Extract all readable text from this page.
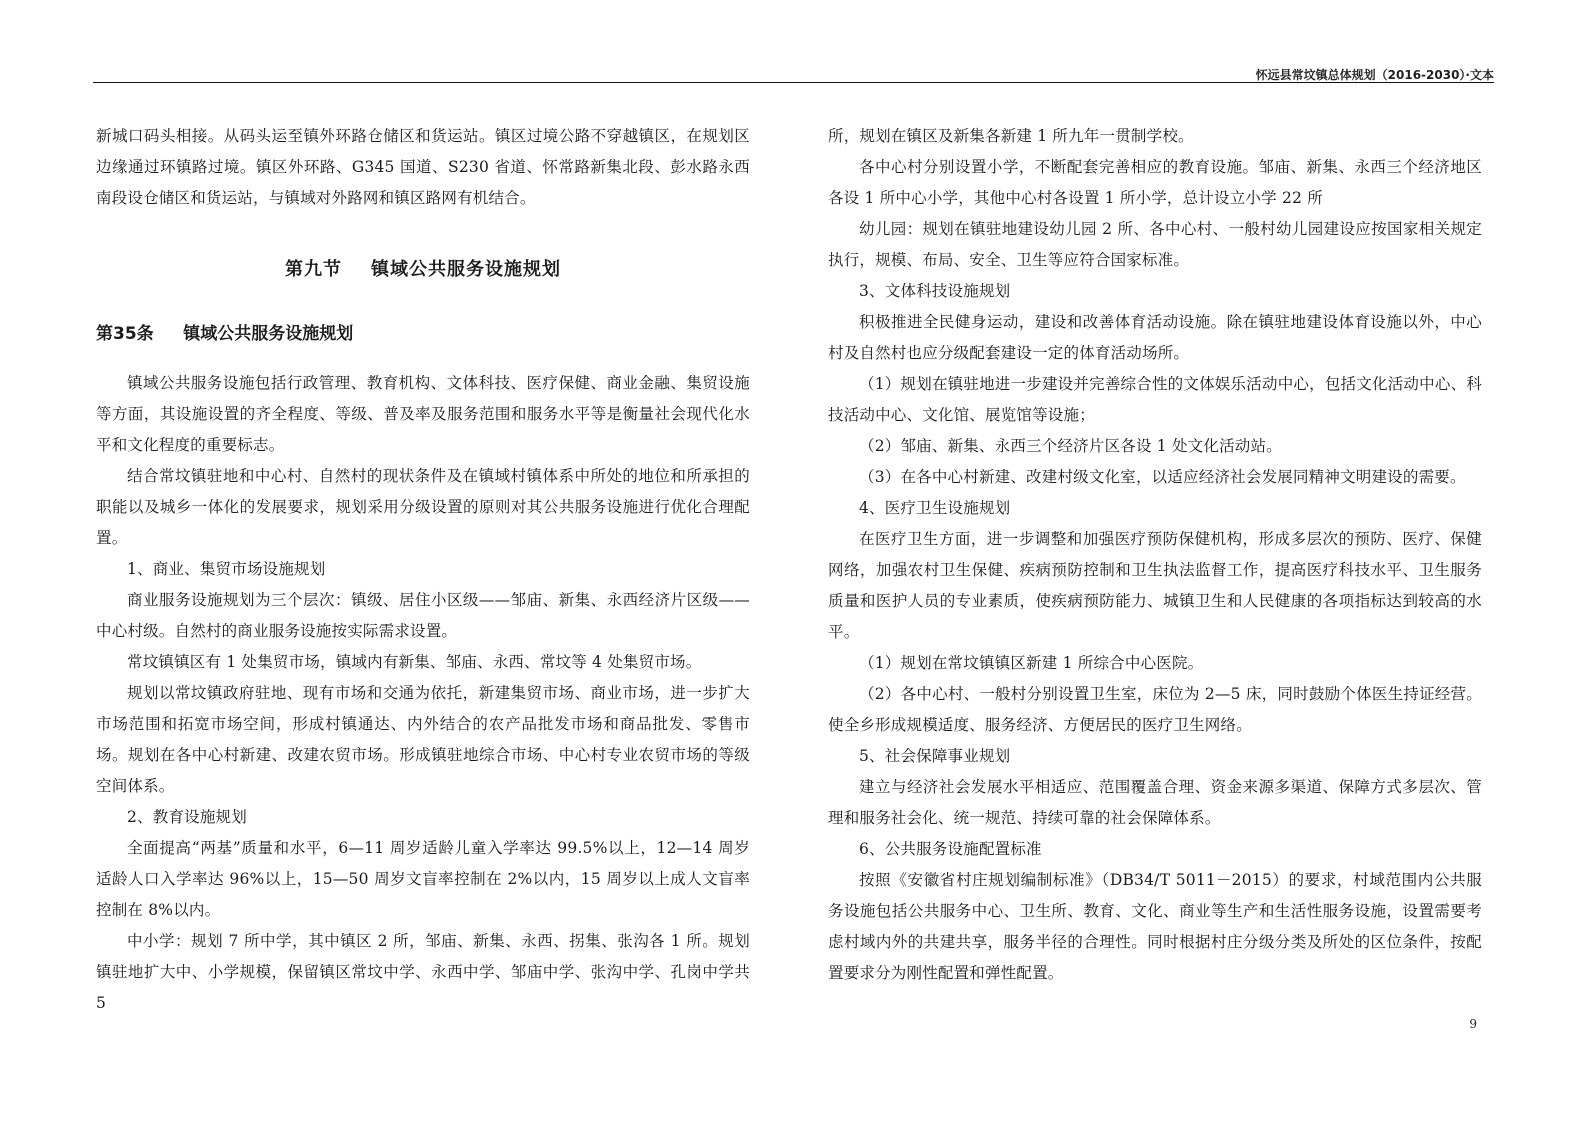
怀远县常坟镇总体规划（2016-2030）·文本

新城口码头相接。从码头运至镇外环路仓储区和货运站。镇区过境公路不穿越镇区，在规划区边缘通过环镇路过境。镇区外环路、G345 国道、S230 省道、怀常路新集北段、彭水路永西南段设仓储区和货运站，与镇域对外路网和镇区路网有机结合。

第九节    镇域公共服务设施规划

第35条     镇域公共服务设施规划

镇域公共服务设施包括行政管理、教育机构、文体科技、医疗保健、商业金融、集贸设施等方面，其设施设置的齐全程度、等级、普及率及服务范围和服务水平等是衡量社会现代化水平和文化程度的重要标志。

结合常坟镇驻地和中心村、自然村的现状条件及在镇域村镇体系中所处的地位和所承担的职能以及城乡一体化的发展要求，规划采用分级设置的原则对其公共服务设施进行优化合理配置。

1、商业、集贸市场设施规划

商业服务设施规划为三个层次：镇级、居住小区级——邹庙、新集、永西经济片区级——中心村级。自然村的商业服务设施按实际需求设置。

常坟镇镇区有 1 处集贸市场，镇域内有新集、邹庙、永西、常坟等 4 处集贸市场。

规划以常坟镇政府驻地、现有市场和交通为依托，新建集贸市场、商业市场，进一步扩大市场范围和拓宽市场空间，形成村镇通达、内外结合的农产品批发市场和商品批发、零售市场。规划在各中心村新建、改建农贸市场。形成镇驻地综合市场、中心村专业农贸市场的等级空间体系。

2、教育设施规划

全面提高“两基”质量和水平，6—11 周岁适龄儿童入学率达 99.5%以上，12—14 周岁适龄人口入学率达 96%以上，15—50 周岁文盲率控制在 2%以内，15 周岁以上成人文盲率控制在 8%以内。

中小学：规划 7 所中学，其中镇区 2 所，邹庙、新集、永西、拐集、张沟各 1 所。规划镇驻地扩大中、小学规模，保留镇区常坟中学、永西中学、邹庙中学、张沟中学、孔岗中学共 5

所，规划在镇区及新集各新建 1 所九年一贯制学校。

各中心村分别设置小学，不断配套完善相应的教育设施。邹庙、新集、永西三个经济地区各设 1 所中心小学，其他中心村各设置 1 所小学，总计设立小学 22 所

幼儿园：规划在镇驻地建设幼儿园 2 所、各中心村、一般村幼儿园建设应按国家相关规定执行，规模、布局、安全、卫生等应符合国家标准。

3、文体科技设施规划

积极推进全民健身运动，建设和改善体育活动设施。除在镇驻地建设体育设施以外，中心村及自然村也应分级配套建设一定的体育活动场所。

（1）规划在镇驻地进一步建设并完善综合性的文体娱乐活动中心，包括文化活动中心、科技活动中心、文化馆、展览馆等设施；

（2）邹庙、新集、永西三个经济片区各设 1 处文化活动站。

（3）在各中心村新建、改建村级文化室，以适应经济社会发展同精神文明建设的需要。

4、医疗卫生设施规划

在医疗卫生方面，进一步调整和加强医疗预防保健机构，形成多层次的预防、医疗、保健网络，加强农村卫生保健、疾病预防控制和卫生执法监督工作，提高医疗科技水平、卫生服务质量和医护人员的专业素质，使疾病预防能力、城镇卫生和人民健康的各项指标达到较高的水平。

（1）规划在常坟镇镇区新建 1 所综合中心医院。

（2）各中心村、一般村分别设置卫生室，床位为 2—5 床，同时鼓励个体医生持证经营。使全乡形成规模适度、服务经济、方便居民的医疗卫生网络。

5、社会保障事业规划

建立与经济社会发展水平相适应、范围覆盖合理、资金来源多渠道、保障方式多层次、管理和服务社会化、统一规范、持续可靠的社会保障体系。

6、公共服务设施配置标准

按照《安徽省村庄规划编制标准》（DB34/T 5011－2015）的要求，村域范围内公共服务设施包括公共服务中心、卫生所、教育、文化、商业等生产和生活性服务设施，设置需要考虑村域内外的共建共享，服务半径的合理性。同时根据村庄分级分类及所处的区位条件，按配置要求分为刚性配置和弹性配置。

9
